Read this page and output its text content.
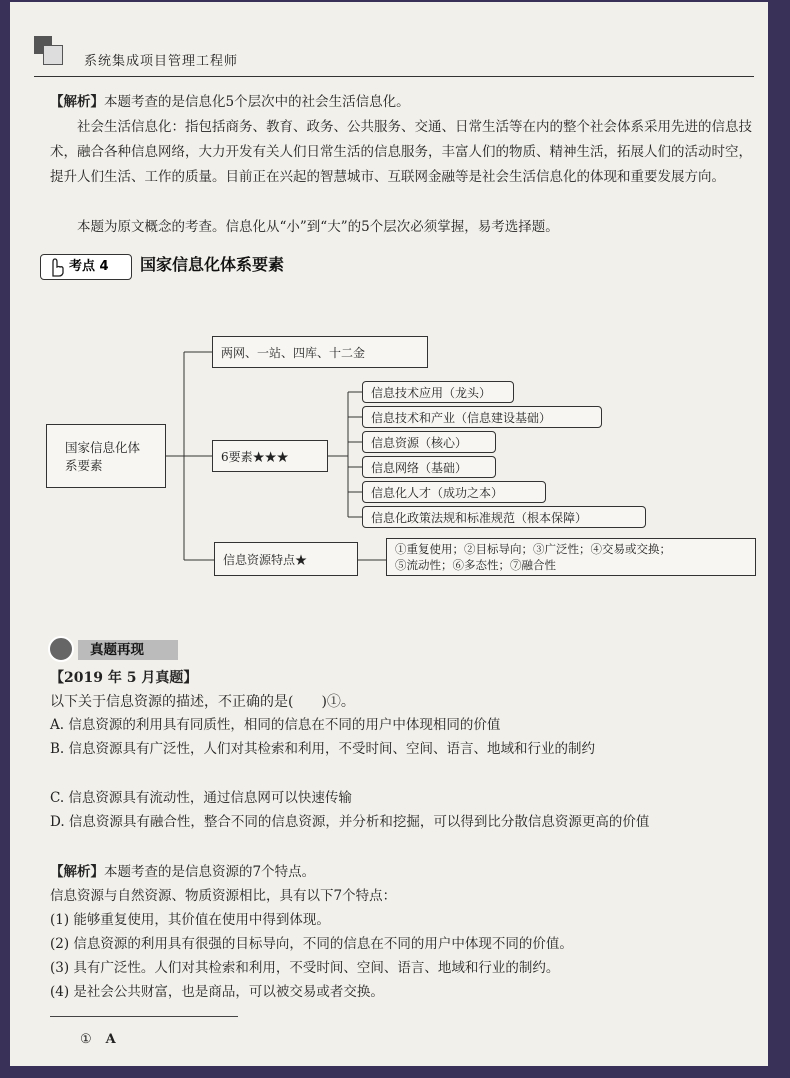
系统集成项目管理工程师
【解析】本题考查的是信息化5个层次中的社会生活信息化。
社会生活信息化：指包括商务、教育、政务、公共服务、交通、日常生活等在内的整个社会体系采用先进的信息技术，融合各种信息网络，大力开发有关人们日常生活的信息服务，丰富人们的物质、精神生活，拓展人们的活动时空，提升人们生活、工作的质量。目前正在兴起的智慧城市、互联网金融等是社会生活信息化的体现和重要发展方向。
本题为原文概念的考查。信息化从“小”到“大”的5个层次必须掌握，易考选择题。
考点 4 国家信息化体系要素
国家信息化体系要素
两网、一站、四库、十二金
6要素★★★
信息资源特点★
信息技术应用（龙头）
信息技术和产业（信息建设基础）
信息资源（核心）
信息网络（基础）
信息化人才（成功之本）
信息化政策法规和标准规范（根本保障）
①重复使用；②目标导向；③广泛性；④交易或交换；
⑤流动性；⑥多态性；⑦融合性
真题再现
【2019 年 5 月真题】
以下关于信息资源的描述，不正确的是(　　)①。
A. 信息资源的利用具有同质性，相同的信息在不同的用户中体现相同的价值
B. 信息资源具有广泛性，人们对其检索和利用，不受时间、空间、语言、地域和行业的制约
C. 信息资源具有流动性，通过信息网可以快速传输
D. 信息资源具有融合性，整合不同的信息资源，并分析和挖掘，可以得到比分散信息资源更高的价值
【解析】本题考查的是信息资源的7个特点。
信息资源与自然资源、物质资源相比，具有以下7个特点：
(1) 能够重复使用，其价值在使用中得到体现。
(2) 信息资源的利用具有很强的目标导向，不同的信息在不同的用户中体现不同的价值。
(3) 具有广泛性。人们对其检索和利用，不受时间、空间、语言、地域和行业的制约。
(4) 是社会公共财富，也是商品，可以被交易或者交换。
① A
